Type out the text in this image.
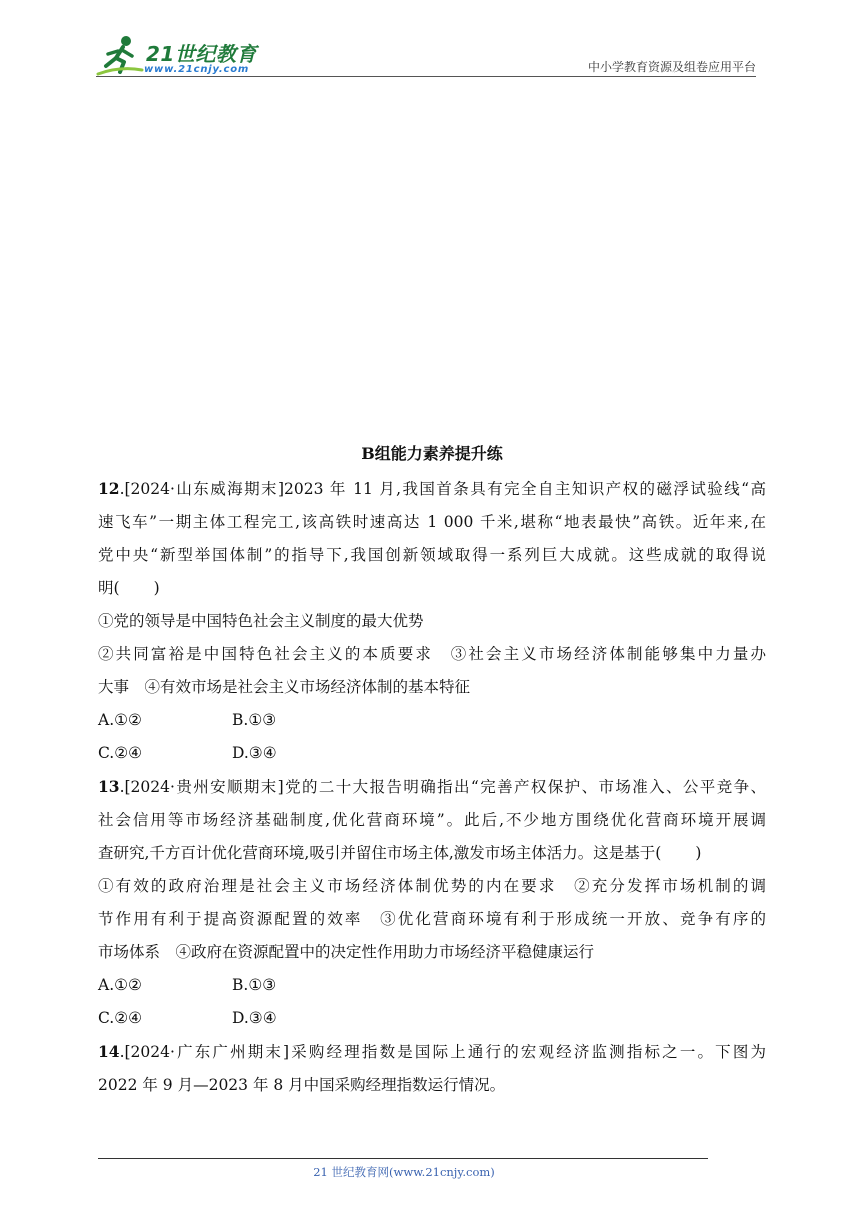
21世纪教育
www.21cnjy.com	中小学教育资源及组卷应用平台
B组能力素养提升练
12.[2024·山东威海期末]2023 年 11 月,我国首条具有完全自主知识产权的磁浮试验线“高
速飞车”一期主体工程完工,该高铁时速高达 1 000 千米,堪称“地表最快”高铁。近年来,在
党中央“新型举国体制”的指导下,我国创新领域取得一系列巨大成就。这些成就的取得说
明( )
①党的领导是中国特色社会主义制度的最大优势
②共同富裕是中国特色社会主义的本质要求　③社会主义市场经济体制能够集中力量办
大事　④有效市场是社会主义市场经济体制的基本特征
A.①②	B.①③
C.②④	D.③④
13.[2024·贵州安顺期末]党的二十大报告明确指出“完善产权保护、市场准入、公平竞争、
社会信用等市场经济基础制度,优化营商环境”。此后,不少地方围绕优化营商环境开展调
查研究,千方百计优化营商环境,吸引并留住市场主体,激发市场主体活力。这是基于( )
①有效的政府治理是社会主义市场经济体制优势的内在要求　②充分发挥市场机制的调
节作用有利于提高资源配置的效率　③优化营商环境有利于形成统一开放、竞争有序的
市场体系　④政府在资源配置中的决定性作用助力市场经济平稳健康运行
A.①②	B.①③
C.②④	D.③④
14.[2024·广东广州期末]采购经理指数是国际上通行的宏观经济监测指标之一。下图为
2022 年 9 月—2023 年 8 月中国采购经理指数运行情况。
21 世纪教育网(www.21cnjy.com)
